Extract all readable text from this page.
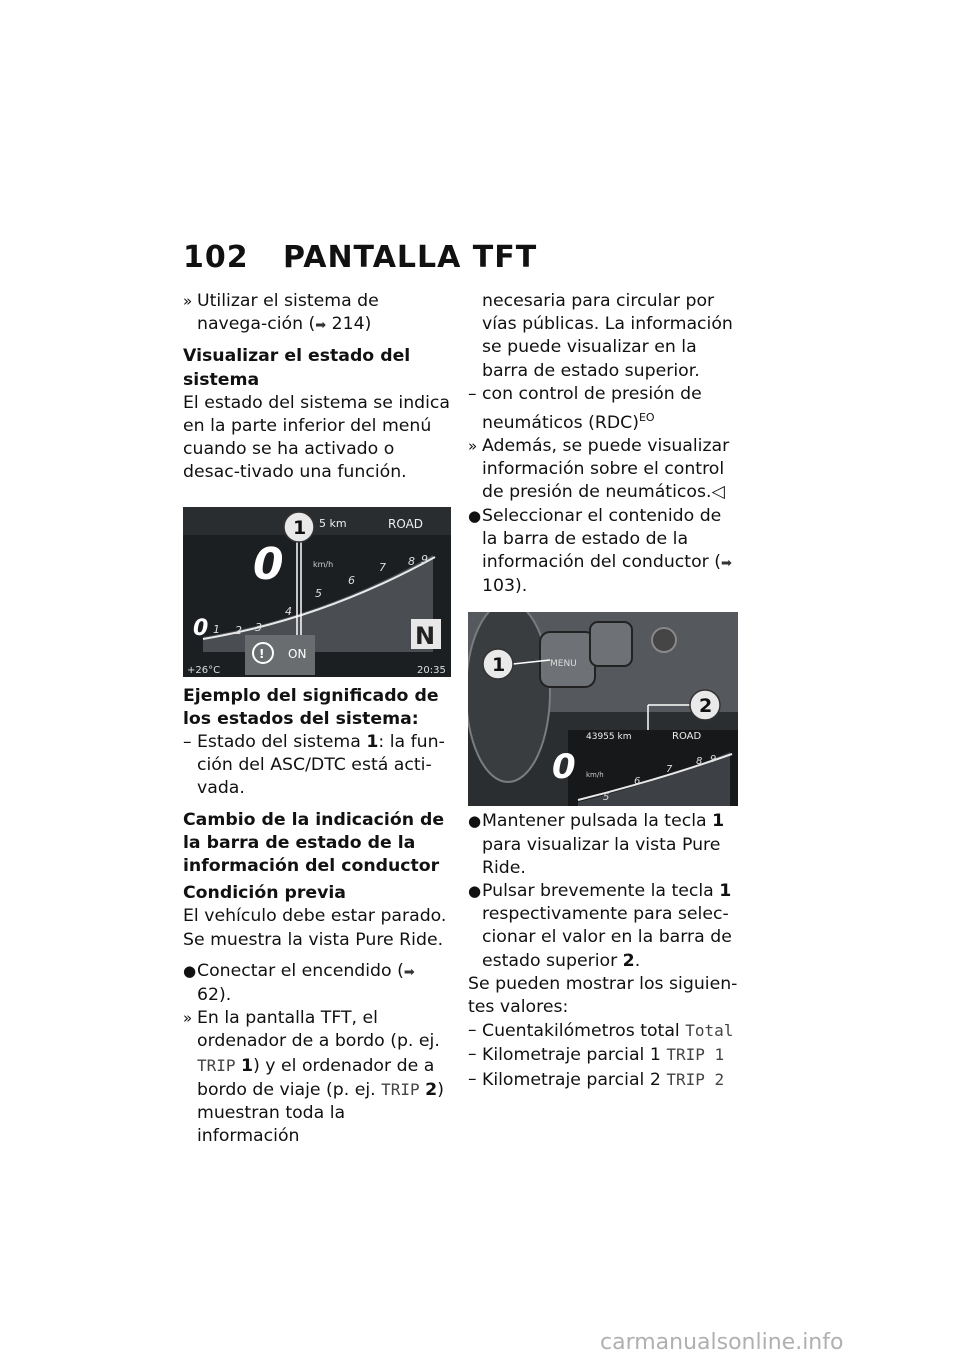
102 PANTALLA TFT
» Utilizar el sistema de navega-ción (➡ 214)

Visualizar el estado del sistema

El estado del sistema se indica en la parte inferior del menú cuando se ha activado o desac-tivado una función.

5 km	ROAD
0	km/h
1 2 3
4
5
6
7 8 9
0
! ON
N
+26°C	20:35
1

Ejemplo del significado de los estados del sistema:

– Estado del sistema 1: la fun-ción del ASC/DTC está acti-vada.

Cambio de la indicación de la barra de estado de la información del conductor

Condición previa

El vehículo debe estar parado. Se muestra la vista Pure Ride.

● Conectar el encendido (➡ 62).
» En la pantalla TFT, el ordenador de a bordo (p. ej. TRIP 1) y el ordenador de a bordo de viaje (p. ej. TRIP 2) muestran toda la información
necesaria para circular por vías públicas. La información se puede visualizar en la barra de estado superior.
– con control de presión de neumáticos (RDC)$^{EO}$
» Además, se puede visualizar información sobre el control de presión de neumáticos.◁
● Seleccionar el contenido de la barra de estado de la información del conductor (➡ 103).
MENU
43955 km	ROAD
0 km/h
5
6
7
8 9
1
2
● Mantener pulsada la tecla 1 para visualizar la vista Pure Ride.
● Pulsar brevemente la tecla 1 respectivamente para selec-cionar el valor en la barra de estado superior 2.

Se pueden mostrar los siguien-tes valores:

– Cuentakilómetros total Total
– Kilometraje parcial 1 TRIP 1
– Kilometraje parcial 2 TRIP 2
carmanualsonline.info
